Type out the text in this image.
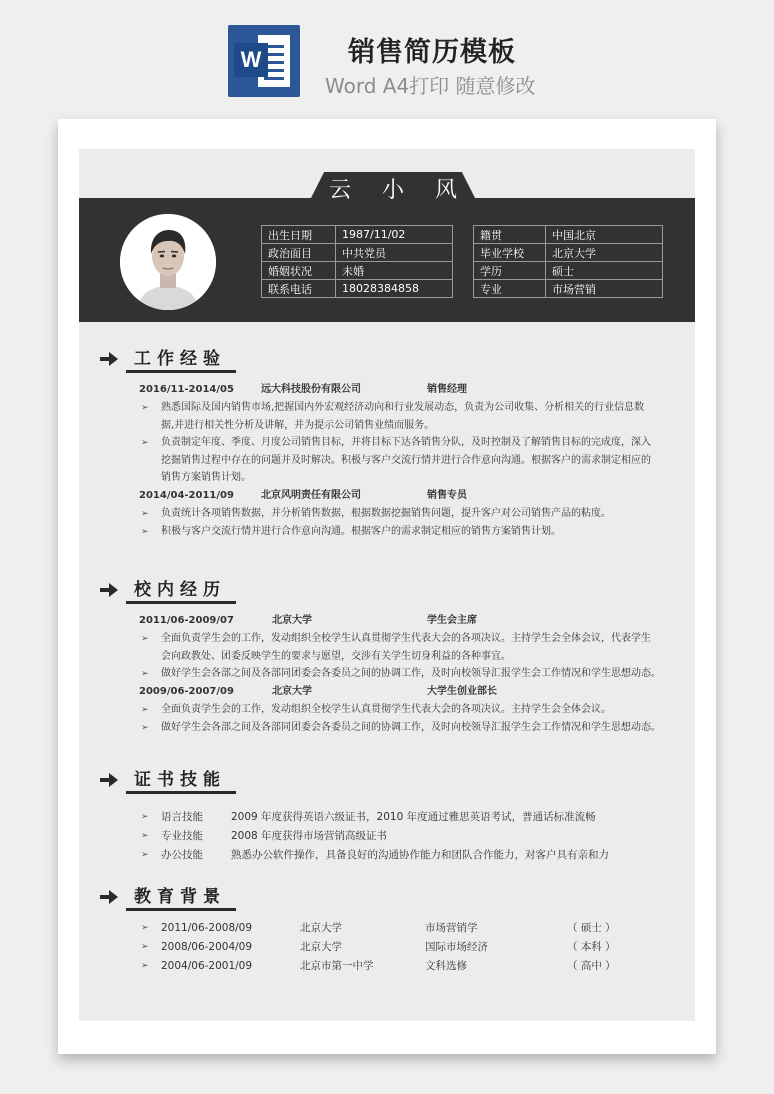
W	销售简历模板
Word A4打印 随意修改
云 小 风
出生日期	1987/11/02
政治面目	中共党员
婚姻状况	未婚
联系电话	18028384858
籍贯	中国北京
毕业学校	北京大学
学历	硕士
专业	市场营销
工作经验
2016/11-2014/05	远大科技股份有限公司	销售经理
➢ 熟悉国际及国内销售市场,把握国内外宏观经济动向和行业发展动态，负责为公司收集、分析相关的行业信息数
据,并进行相关性分析及讲解，并为提示公司销售业绩而服务。
➢ 负责制定年度、季度、月度公司销售目标，并将目标下达各销售分队，及时控制及了解销售目标的完成度，深入
挖掘销售过程中存在的问题并及时解决。积极与客户交流行情并进行合作意向沟通。根据客户的需求制定相应的
销售方案销售计划。
2014/04-2011/09	北京风明责任有限公司	销售专员
➢ 负责统计各项销售数据，并分析销售数据，根据数据挖掘销售问题，提升客户对公司销售产品的粘度。
➢ 积极与客户交流行情并进行合作意向沟通。根据客户的需求制定相应的销售方案销售计划。
校内经历
2011/06-2009/07	北京大学	学生会主席
➢ 全面负责学生会的工作，发动组织全校学生认真贯彻学生代表大会的各项决议。主持学生会全体会议，代表学生
会向政教处、团委反映学生的要求与愿望，交涉有关学生切身利益的各种事宜。
➢ 做好学生会各部之间及各部同团委会各委员之间的协调工作，及时向校领导汇报学生会工作情况和学生思想动态。
2009/06-2007/09	北京大学	大学生创业部长
➢ 全面负责学生会的工作，发动组织全校学生认真贯彻学生代表大会的各项决议。主持学生会全体会议。
➢ 做好学生会各部之间及各部同团委会各委员之间的协调工作，及时向校领导汇报学生会工作情况和学生思想动态。
证书技能
➢ 语言技能	2009 年度获得英语六级证书，2010 年度通过雅思英语考试，普通话标准流畅
➢ 专业技能	2008 年度获得市场营销高级证书
➢ 办公技能	熟悉办公软件操作，具备良好的沟通协作能力和团队合作能力，对客户具有亲和力
教育背景
➢ 2011/06-2008/09	北京大学	市场营销学	（ 硕士 ）
➢ 2008/06-2004/09	北京大学	国际市场经济	（ 本科 ）
➢ 2004/06-2001/09	北京市第一中学	文科选修	（ 高中 ）
